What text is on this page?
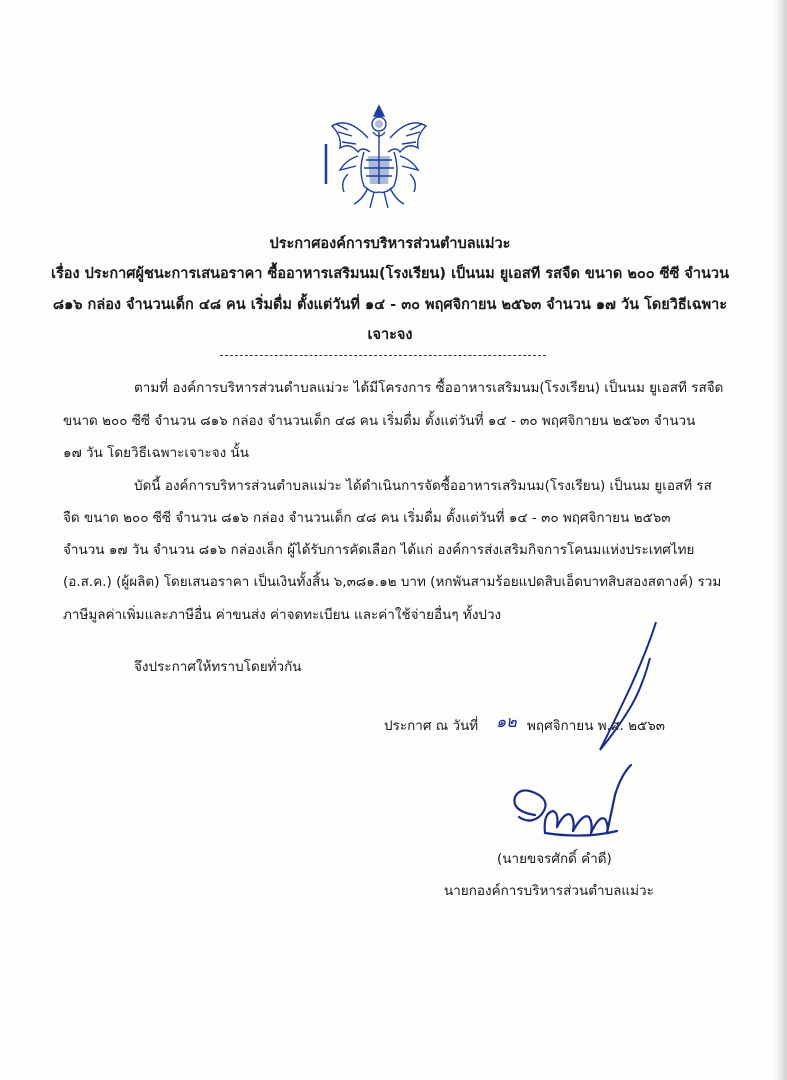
ประกาศองค์การบริหารส่วนตำบลแม่วะ
เรื่อง ประกาศผู้ชนะการเสนอราคา ซื้ออาหารเสริมนม(โรงเรียน) เป็นนม ยูเอสที รสจืด ขนาด ๒๐๐ ซีซี จำนวน
๘๑๖ กล่อง จำนวนเด็ก ๔๘ คน เริ่มดื่ม ตั้งแต่วันที่ ๑๔ - ๓๐ พฤศจิกายน ๒๕๖๓ จำนวน ๑๗ วัน โดยวิธีเฉพาะ
เจาะจง
ตามที่ องค์การบริหารส่วนตำบลแม่วะ ได้มีโครงการ ซื้ออาหารเสริมนม(โรงเรียน) เป็นนม ยูเอสที รสจืด
ขนาด ๒๐๐ ซีซี จำนวน ๘๑๖ กล่อง จำนวนเด็ก ๔๘ คน เริ่มดื่ม ตั้งแต่วันที่ ๑๔ - ๓๐ พฤศจิกายน ๒๕๖๓ จำนวน
๑๗ วัน โดยวิธีเฉพาะเจาะจง นั้น
บัดนี้ องค์การบริหารส่วนตำบลแม่วะ ได้ดำเนินการจัดซื้ออาหารเสริมนม(โรงเรียน) เป็นนม ยูเอสที รส
จืด ขนาด ๒๐๐ ซีซี จำนวน ๘๑๖ กล่อง จำนวนเด็ก ๔๘ คน เริ่มดื่ม ตั้งแต่วันที่ ๑๔ - ๓๐ พฤศจิกายน ๒๕๖๓
จำนวน ๑๗ วัน จำนวน ๘๑๖ กล่องเล็ก ผู้ได้รับการคัดเลือก ได้แก่ องค์การส่งเสริมกิจการโคนมแห่งประเทศไทย
(อ.ส.ค.) (ผู้ผลิต) โดยเสนอราคา เป็นเงินทั้งสิ้น ๖,๓๘๑.๑๒ บาท (หกพันสามร้อยแปดสิบเอ็ดบาทสิบสองสตางค์) รวม
ภาษีมูลค่าเพิ่มและภาษีอื่น ค่าขนส่ง ค่าจดทะเบียน และค่าใช้จ่ายอื่นๆ ทั้งปวง
จึงประกาศให้ทราบโดยทั่วกัน
ประกาศ ณ วันที่ ๑๒ พฤศจิกายน พ.ศ. ๒๕๖๓
(นายขจรศักดิ์ คำดี)
นายกองค์การบริหารส่วนตำบลแม่วะ
